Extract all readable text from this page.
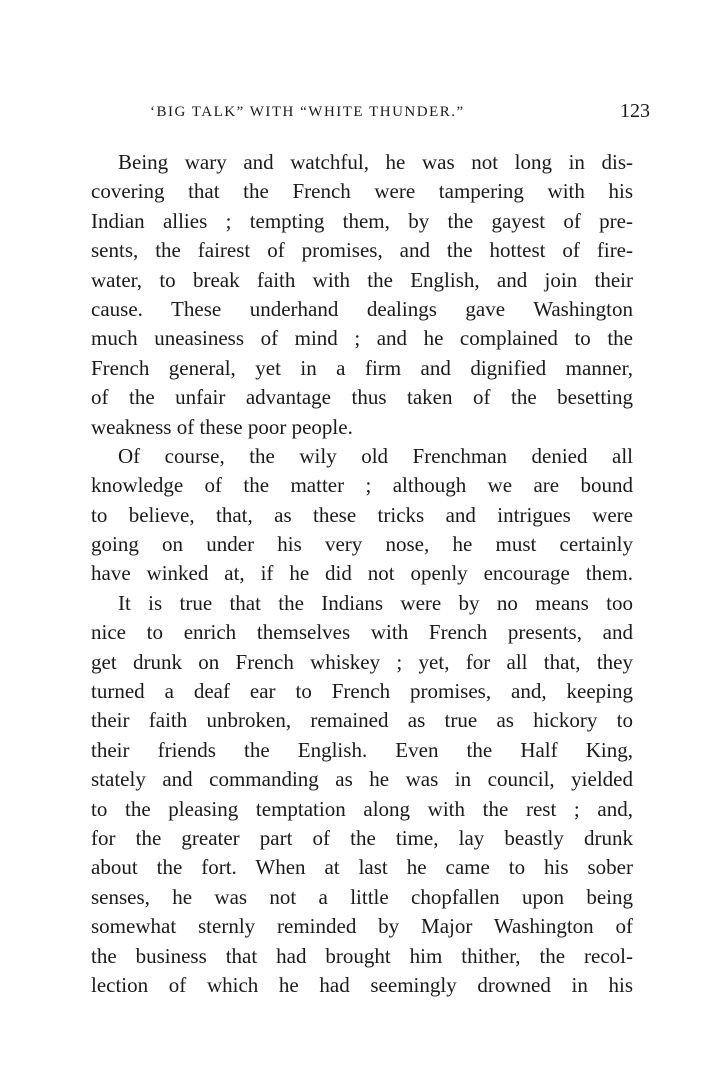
‘BIG TALK” WITH “WHITE THUNDER.”	123
Being wary and watchful, he was not long in dis-
covering that the French were tampering with his
Indian allies ; tempting them, by the gayest of pre-
sents, the fairest of promises, and the hottest of fire-
water, to break faith with the English, and join their
cause. These underhand dealings gave Washington
much uneasiness of mind ; and he complained to the
French general, yet in a firm and dignified manner,
of the unfair advantage thus taken of the besetting
weakness of these poor people.
Of course, the wily old Frenchman denied all
knowledge of the matter ; although we are bound
to believe, that, as these tricks and intrigues were
going on under his very nose, he must certainly
have winked at, if he did not openly encourage them.
It is true that the Indians were by no means too
nice to enrich themselves with French presents, and
get drunk on French whiskey ; yet, for all that, they
turned a deaf ear to French promises, and, keeping
their faith unbroken, remained as true as hickory to
their friends the English. Even the Half King,
stately and commanding as he was in council, yielded
to the pleasing temptation along with the rest ; and,
for the greater part of the time, lay beastly drunk
about the fort. When at last he came to his sober
senses, he was not a little chopfallen upon being
somewhat sternly reminded by Major Washington of
the business that had brought him thither, the recol-
lection of which he had seemingly drowned in his
